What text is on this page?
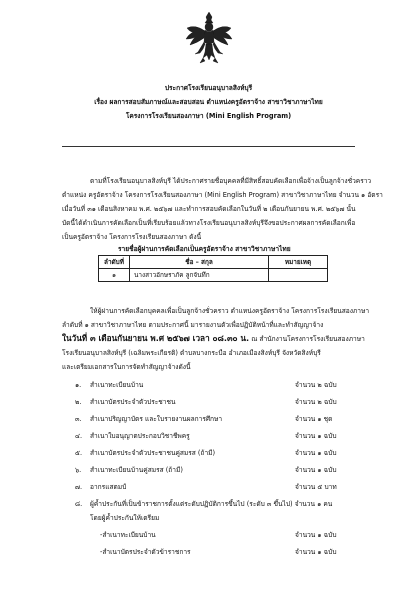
ประกาศโรงเรียนอนุบาลสิงห์บุรี
เรื่อง ผลการสอบสัมภาษณ์และสอบสอน ตำแหน่งครูอัตราจ้าง สาขาวิชาภาษาไทย
โครงการโรงเรียนสองภาษา (Mini English Program)
ตามที่โรงเรียนอนุบาลสิงห์บุรี ได้ประกาศรายชื่อบุคคลที่มีสิทธิ์สอบคัดเลือกเพื่อจ้างเป็นลูกจ้างชั่วคราว
ตำแหน่ง ครูอัตราจ้าง โครงการโรงเรียนสองภาษา (Mini English Program) สาขาวิชาภาษาไทย จำนวน ๑ อัตรา
เมื่อวันที่ ๓๑ เดือนสิงหาคม พ.ศ. ๒๕๖๗ และทำการสอบคัดเลือกในวันที่ ๒ เดือนกันยายน พ.ศ. ๒๕๖๗ นั้น
บัดนี้ได้ดำเนินการคัดเลือกเป็นที่เรียบร้อยแล้วทางโรงเรียนอนุบาลสิงห์บุรีจึงขอประกาศผลการคัดเลือกเพื่อ
เป็นครูอัตราจ้าง โครงการโรงเรียนสองภาษา ดังนี้
รายชื่อผู้ผ่านการคัดเลือกเป็นครูอัตราจ้าง สาขาวิชาภาษาไทย
ลำดับที่	ชื่อ – สกุล	หมายเหตุ
๑	นางสาวอักษราภัค ลูกจันทึก	
ให้ผู้ผ่านการคัดเลือกบุคคลเพื่อเป็นลูกจ้างชั่วคราว ตำแหน่งครูอัตราจ้าง โครงการโรงเรียนสองภาษา
ลำดับที่ ๑ สาขาวิชาภาษาไทย ตามประกาศนี้ มารายงานตัวเพื่อปฏิบัติหน้าที่และทำสัญญาจ้าง
ในวันที่ ๓ เดือนกันยายน พ.ศ ๒๕๖๗ เวลา ๐๘.๓๐ น. ณ สำนักงานโครงการโรงเรียนสองภาษา
โรงเรียนอนุบาลสิงห์บุรี (เฉลิมพระเกียรติ) ตำบลบางกระบือ อำเภอเมืองสิงห์บุรี จังหวัดสิงห์บุรี
และเตรียมเอกสารในการจัดทำสัญญาจ้างดังนี้
๑. สำเนาทะเบียนบ้าน	จำนวน ๒ ฉบับ
๒. สำเนาบัตรประจำตัวประชาชน	จำนวน ๒ ฉบับ
๓. สำเนาปริญญาบัตร และใบรายงานผลการศึกษา	จำนวน ๑ ชุด
๔. สำเนาใบอนุญาตประกอบวิชาชีพครู	จำนวน ๑ ฉบับ
๕. สำเนาบัตรประจำตัวประชาชนคู่สมรส (ถ้ามี)	จำนวน ๑ ฉบับ
๖. สำเนาทะเบียนบ้านคู่สมรส (ถ้ามี)	จำนวน ๑ ฉบับ
๗. อากรแสตมป์	จำนวน ๕ บาท
๘. ผู้ค้ำประกันที่เป็นข้าราชการตั้งแต่ระดับปฏิบัติการขึ้นไป (ระดับ ๓ ขึ้นไป) จำนวน ๑ คน
โดยผู้ค้ำประกันให้เตรียม
-สำเนาทะเบียนบ้าน	จำนวน ๑ ฉบับ
-สำเนาบัตรประจำตัวข้าราชการ	จำนวน ๑ ฉบับ
